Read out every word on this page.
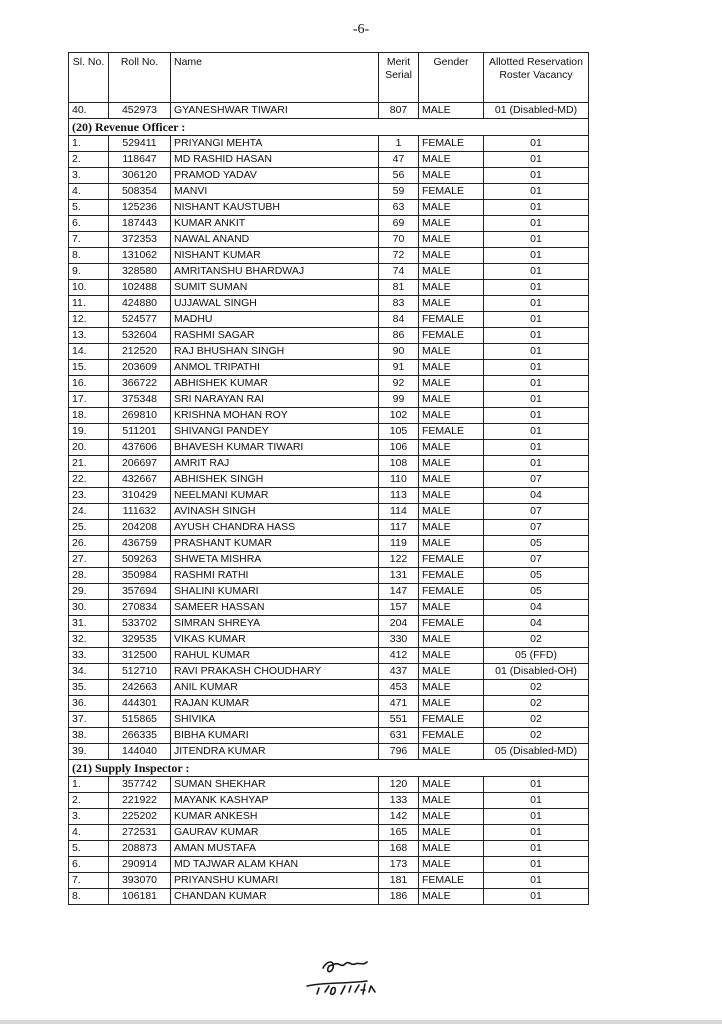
-6-
Sl. No.	Roll No.	Name	Merit Serial	Gender	Allotted Reservation Roster Vacancy
40.	452973	GYANESHWAR TIWARI	807	MALE	01 (Disabled-MD)
(20) Revenue Officer :					
1.	529411	PRIYANGI MEHTA	1	FEMALE	01
2.	118647	MD RASHID HASAN	47	MALE	01
3.	306120	PRAMOD YADAV	56	MALE	01
4.	508354	MANVI	59	FEMALE	01
5.	125236	NISHANT KAUSTUBH	63	MALE	01
6.	187443	KUMAR ANKIT	69	MALE	01
7.	372353	NAWAL ANAND	70	MALE	01
8.	131062	NISHANT KUMAR	72	MALE	01
9.	328580	AMRITANSHU BHARDWAJ	74	MALE	01
10.	102488	SUMIT SUMAN	81	MALE	01
11.	424880	UJJAWAL SINGH	83	MALE	01
12.	524577	MADHU	84	FEMALE	01
13.	532604	RASHMI SAGAR	86	FEMALE	01
14.	212520	RAJ BHUSHAN SINGH	90	MALE	01
15.	203609	ANMOL TRIPATHI	91	MALE	01
16.	366722	ABHISHEK KUMAR	92	MALE	01
17.	375348	SRI NARAYAN RAI	99	MALE	01
18.	269810	KRISHNA MOHAN ROY	102	MALE	01
19.	511201	SHIVANGI PANDEY	105	FEMALE	01
20.	437606	BHAVESH KUMAR TIWARI	106	MALE	01
21.	206697	AMRIT RAJ	108	MALE	01
22.	432667	ABHISHEK SINGH	110	MALE	07
23.	310429	NEELMANI KUMAR	113	MALE	04
24.	111632	AVINASH SINGH	114	MALE	07
25.	204208	AYUSH CHANDRA HASS	117	MALE	07
26.	436759	PRASHANT KUMAR	119	MALE	05
27.	509263	SHWETA MISHRA	122	FEMALE	07
28.	350984	RASHMI RATHI	131	FEMALE	05
29.	357694	SHALINI KUMARI	147	FEMALE	05
30.	270834	SAMEER HASSAN	157	MALE	04
31.	533702	SIMRAN SHREYA	204	FEMALE	04
32.	329535	VIKAS KUMAR	330	MALE	02
33.	312500	RAHUL KUMAR	412	MALE	05 (FFD)
34.	512710	RAVI PRAKASH CHOUDHARY	437	MALE	01 (Disabled-OH)
35.	242663	ANIL KUMAR	453	MALE	02
36.	444301	RAJAN KUMAR	471	MALE	02
37.	515865	SHIVIKA	551	FEMALE	02
38.	266335	BIBHA KUMARI	631	FEMALE	02
39.	144040	JITENDRA KUMAR	796	MALE	05 (Disabled-MD)
(21) Supply Inspector :					
1.	357742	SUMAN SHEKHAR	120	MALE	01
2.	221922	MAYANK KASHYAP	133	MALE	01
3.	225202	KUMAR ANKESH	142	MALE	01
4.	272531	GAURAV KUMAR	165	MALE	01
5.	208873	AMAN MUSTAFA	168	MALE	01
6.	290914	MD TAJWAR ALAM KHAN	173	MALE	01
7.	393070	PRIYANSHU KUMARI	181	FEMALE	01
8.	106181	CHANDAN KUMAR	186	MALE	01
